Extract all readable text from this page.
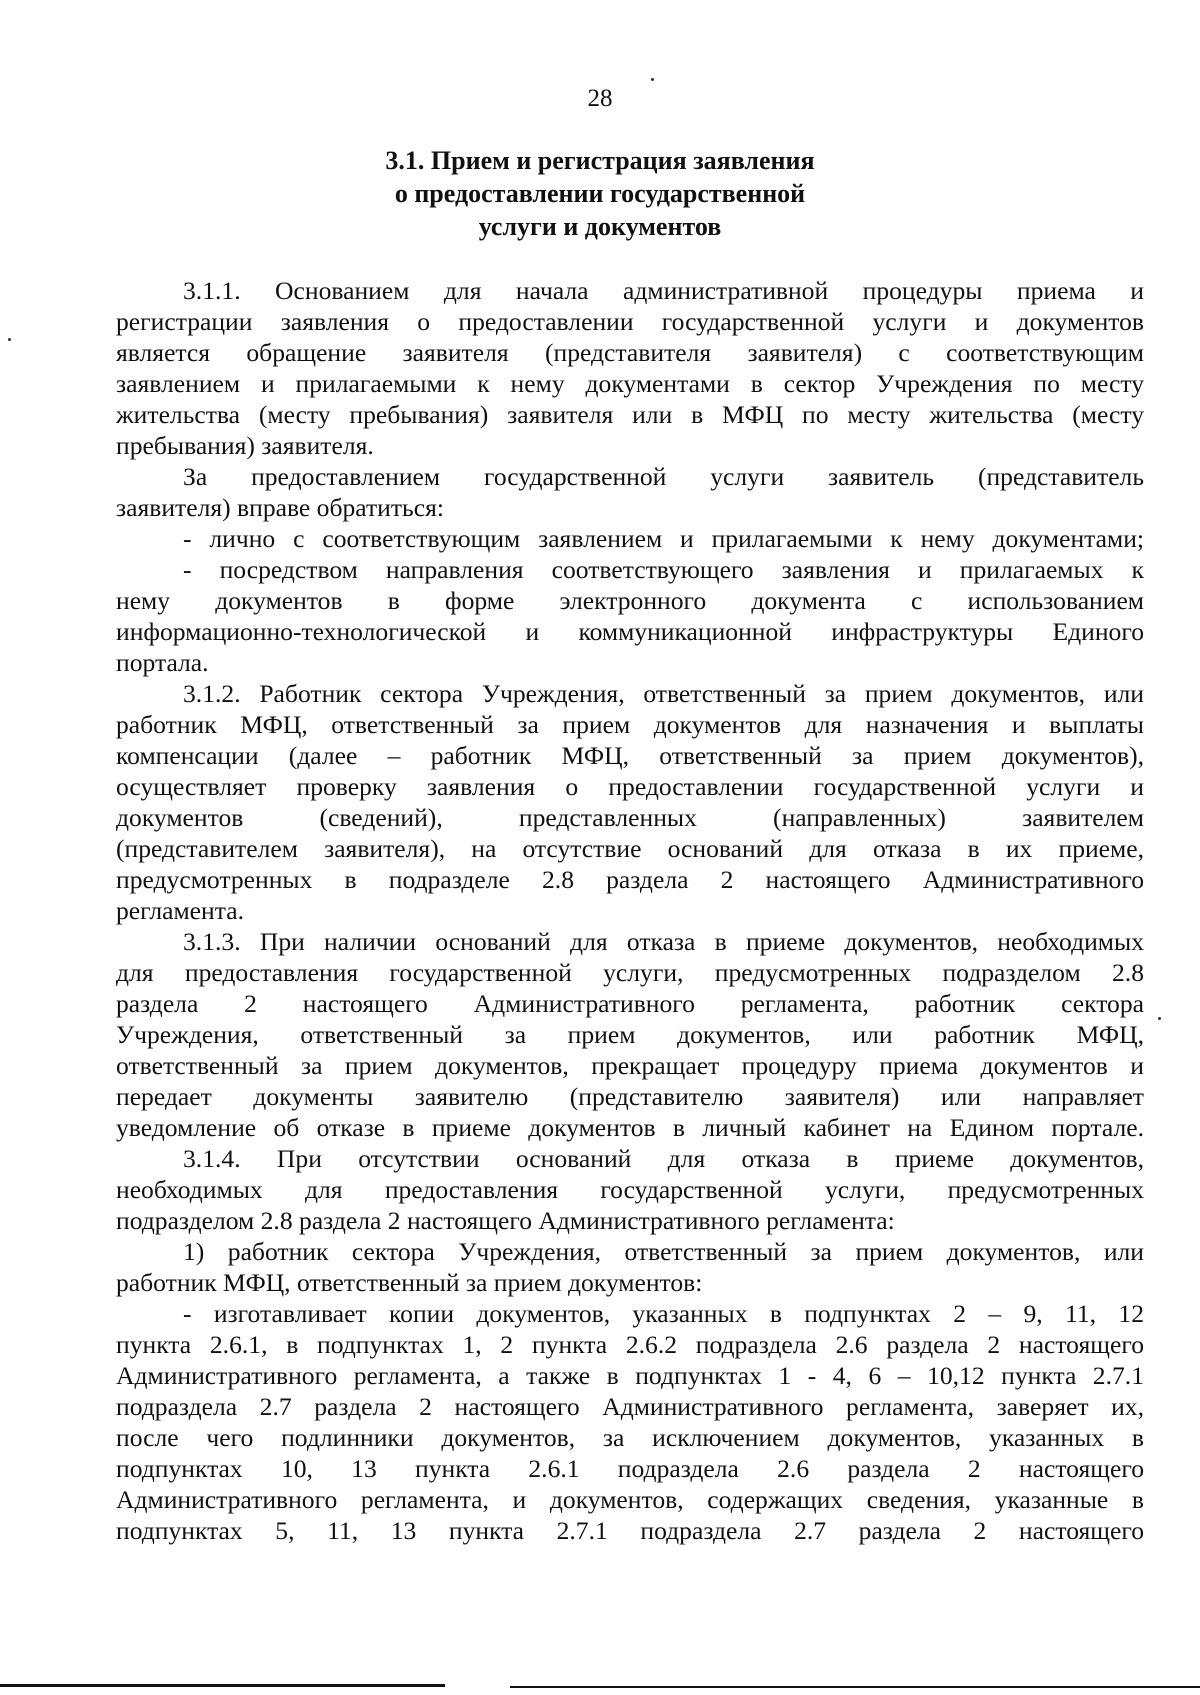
28
3.1. Прием и регистрация заявления
о предоставлении государственной
услуги и документов
3.1.1. Основанием для начала административной процедуры приема и
регистрации заявления о предоставлении государственной услуги и документов
является обращение заявителя (представителя заявителя) с соответствующим
заявлением и прилагаемыми к нему документами в сектор Учреждения по месту
жительства (месту пребывания) заявителя или в МФЦ по месту жительства (месту
пребывания) заявителя.
За предоставлением государственной услуги заявитель (представитель
заявителя) вправе обратиться:
- лично с соответствующим заявлением и прилагаемыми к нему документами;
- посредством направления соответствующего заявления и прилагаемых к
нему документов в форме электронного документа с использованием
информационно-технологической и коммуникационной инфраструктуры Единого
портала.
3.1.2. Работник сектора Учреждения, ответственный за прием документов, или
работник МФЦ, ответственный за прием документов для назначения и выплаты
компенсации (далее – работник МФЦ, ответственный за прием документов),
осуществляет проверку заявления о предоставлении государственной услуги и
документов (сведений), представленных (направленных) заявителем
(представителем заявителя), на отсутствие оснований для отказа в их приеме,
предусмотренных в подразделе 2.8 раздела 2 настоящего Административного
регламента.
3.1.3. При наличии оснований для отказа в приеме документов, необходимых
для предоставления государственной услуги, предусмотренных подразделом 2.8
раздела 2 настоящего Административного регламента, работник сектора
Учреждения, ответственный за прием документов, или работник МФЦ,
ответственный за прием документов, прекращает процедуру приема документов и
передает документы заявителю (представителю заявителя) или направляет
уведомление об отказе в приеме документов в личный кабинет на Едином портале.
3.1.4. При отсутствии оснований для отказа в приеме документов,
необходимых для предоставления государственной услуги, предусмотренных
подразделом 2.8 раздела 2 настоящего Административного регламента:
1) работник сектора Учреждения, ответственный за прием документов, или
работник МФЦ, ответственный за прием документов:
- изготавливает копии документов, указанных в подпунктах 2 – 9, 11, 12
пункта 2.6.1, в подпунктах 1, 2 пункта 2.6.2 подраздела 2.6 раздела 2 настоящего
Административного регламента, а также в подпунктах 1 - 4, 6 – 10,12 пункта 2.7.1
подраздела 2.7 раздела 2 настоящего Административного регламента, заверяет их,
после чего подлинники документов, за исключением документов, указанных в
подпунктах 10, 13 пункта 2.6.1 подраздела 2.6 раздела 2 настоящего
Административного регламента, и документов, содержащих сведения, указанные в
подпунктах 5, 11, 13 пункта 2.7.1 подраздела 2.7 раздела 2 настоящего
